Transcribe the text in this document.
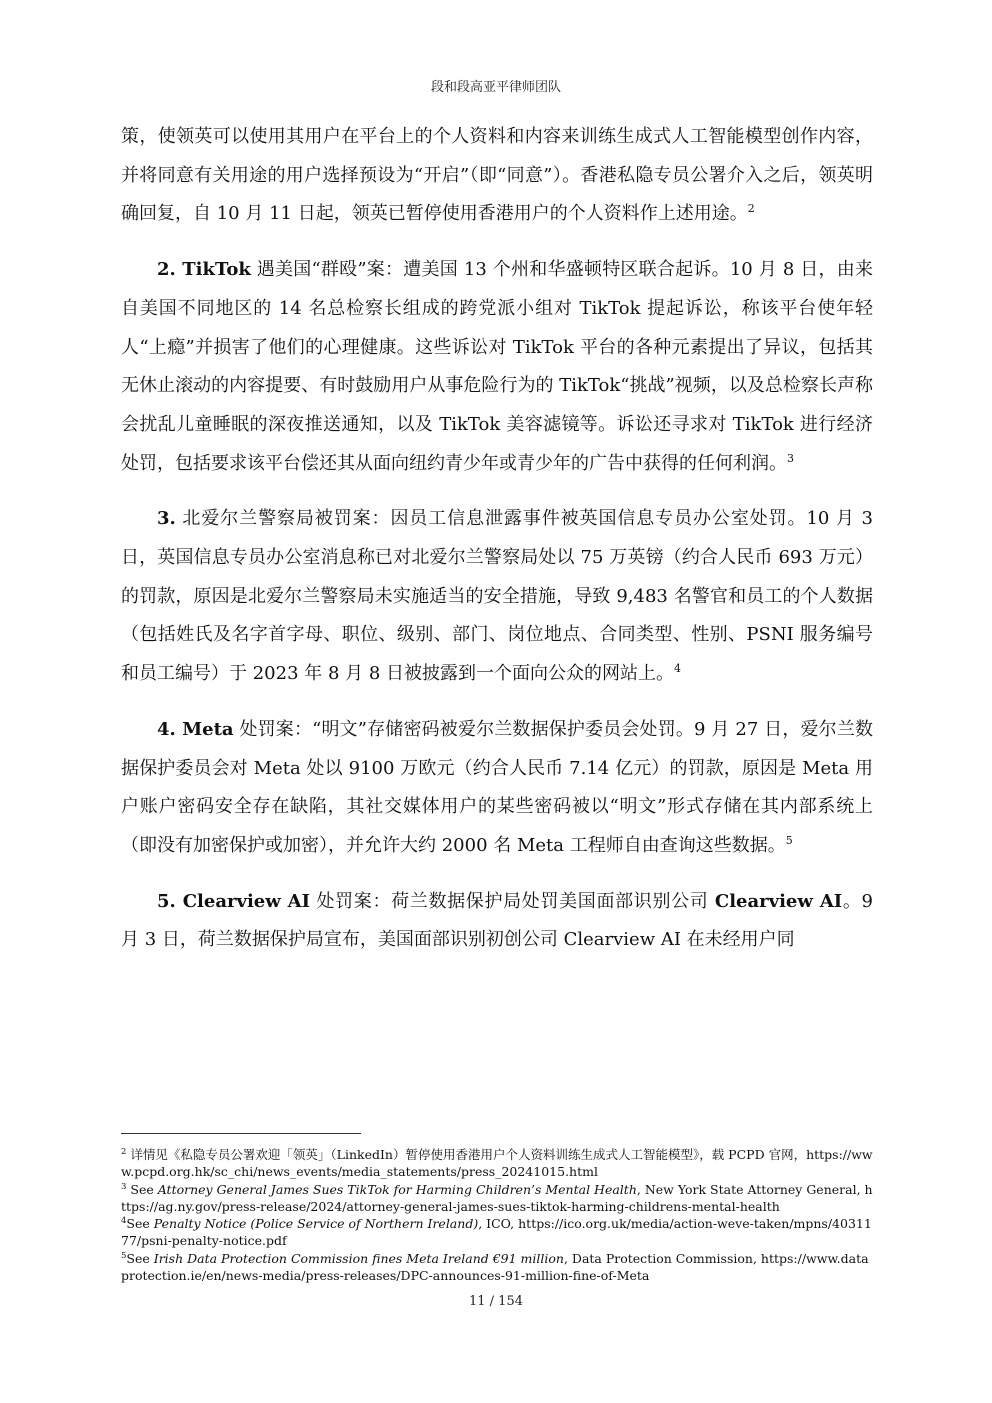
段和段高亚平律师团队

策，使领英可以使用其用户在平台上的个人资料和内容来训练生成式人工智能模型创作内容，并将同意有关用途的用户选择预设为“开启”（即“同意”）。香港私隐专员公署介入之后，领英明确回复，自 10 月 11 日起，领英已暂停使用香港用户的个人资料作上述用途。$^2$

2. TikTok 遇美国“群殴”案：遭美国 13 个州和华盛顿特区联合起诉。10 月 8 日，由来自美国不同地区的 14 名总检察长组成的跨党派小组对 TikTok 提起诉讼，称该平台使年轻人“上瘾”并损害了他们的心理健康。这些诉讼对 TikTok 平台的各种元素提出了异议，包括其无休止滚动的内容提要、有时鼓励用户从事危险行为的 TikTok“挑战”视频，以及总检察长声称会扰乱儿童睡眠的深夜推送通知，以及 TikTok 美容滤镜等。诉讼还寻求对 TikTok 进行经济处罚，包括要求该平台偿还其从面向纽约青少年或青少年的广告中获得的任何利润。$^3$

3. 北爱尔兰警察局被罚案：因员工信息泄露事件被英国信息专员办公室处罚。10 月 3 日，英国信息专员办公室消息称已对北爱尔兰警察局处以 75 万英镑（约合人民币 693 万元）的罚款，原因是北爱尔兰警察局未实施适当的安全措施，导致 9,483 名警官和员工的个人数据（包括姓氏及名字首字母、职位、级别、部门、岗位地点、合同类型、性别、PSNI 服务编号和员工编号）于 2023 年 8 月 8 日被披露到一个面向公众的网站上。$^4$

4. Meta 处罚案：“明文”存储密码被爱尔兰数据保护委员会处罚。9 月 27 日，爱尔兰数据保护委员会对 Meta 处以 9100 万欧元（约合人民币 7.14 亿元）的罚款，原因是 Meta 用户账户密码安全存在缺陷，其社交媒体用户的某些密码被以“明文”形式存储在其内部系统上（即没有加密保护或加密），并允许大约 2000 名 Meta 工程师自由查询这些数据。$^5$

5. Clearview AI 处罚案：荷兰数据保护局处罚美国面部识别公司 Clearview AI。9 月 3 日，荷兰数据保护局宣布，美国面部识别初创公司 Clearview AI 在未经用户同

$^2$ 详情见《私隐专员公署欢迎「领英」（LinkedIn）暂停使用香港用户个人资料训练生成式人工智能模型》，载 PCPD 官网，https://www.pcpd.org.hk/sc_chi/news_events/media_statements/press_20241015.html
$^3$ See Attorney General James Sues TikTok for Harming Children’s Mental Health, New York State Attorney General, https://ag.ny.gov/press-release/2024/attorney-general-james-sues-tiktok-harming-childrens-mental-health
$^4$See Penalty Notice (Police Service of Northern Ireland), ICO, https://ico.org.uk/media/action-weve-taken/mpns/4031177/psni-penalty-notice.pdf
$^5$See Irish Data Protection Commission fines Meta Ireland €91 million, Data Protection Commission, https://www.dataprotection.ie/en/news-media/press-releases/DPC-announces-91-million-fine-of-Meta
11 / 154
